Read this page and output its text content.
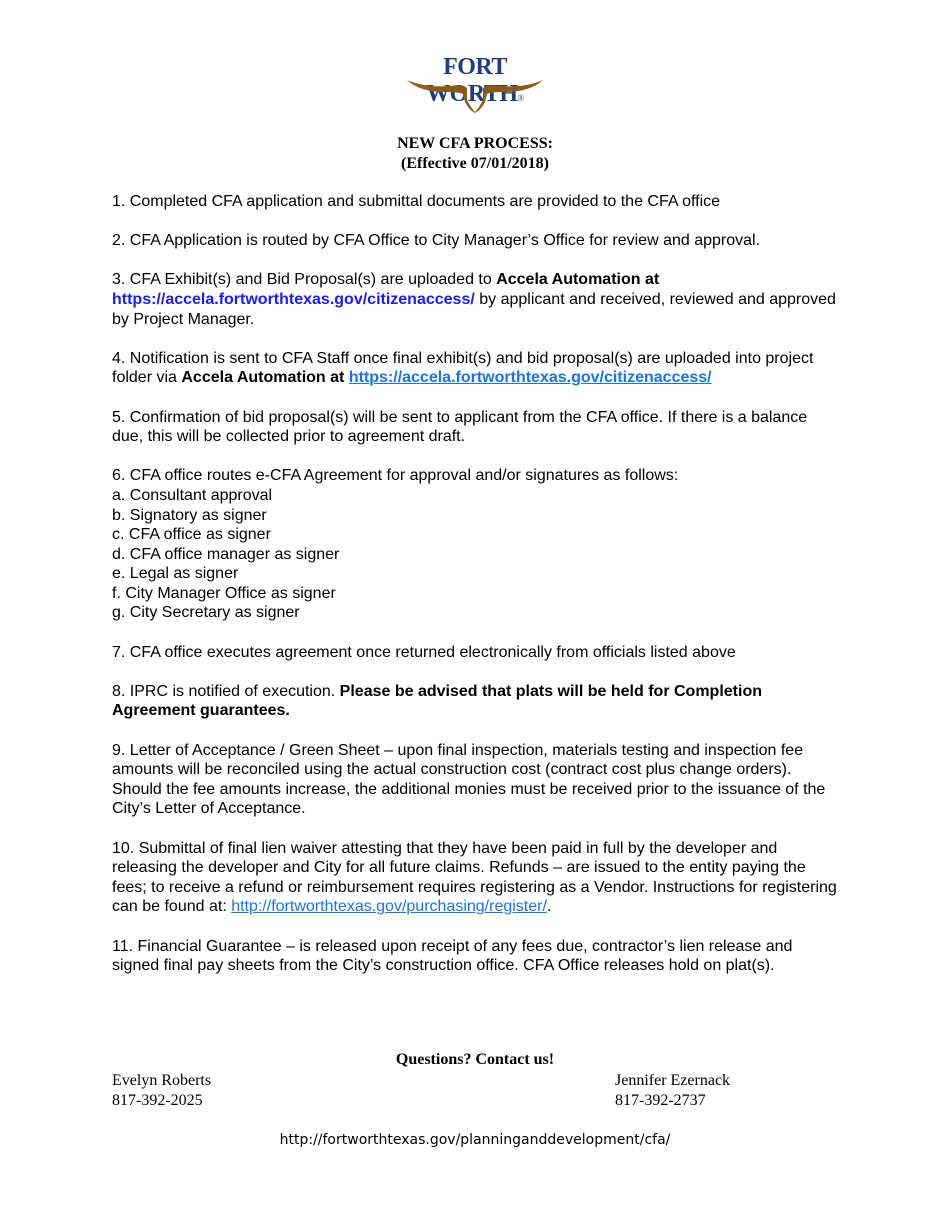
FORT WORTH®
NEW CFA PROCESS:
(Effective 07/01/2018)

1. Completed CFA application and submittal documents are provided to the CFA office

2. CFA Application is routed by CFA Office to City Manager’s Office for review and approval.

3. CFA Exhibit(s) and Bid Proposal(s) are uploaded to Accela Automation at
https://accela.fortworthtexas.gov/citizenaccess/ by applicant and received, reviewed and approved by Project Manager.

4. Notification is sent to CFA Staff once final exhibit(s) and bid proposal(s) are uploaded into project folder via Accela Automation at https://accela.fortworthtexas.gov/citizenaccess/

5. Confirmation of bid proposal(s) will be sent to applicant from the CFA office. If there is a balance due, this will be collected prior to agreement draft.

6. CFA office routes e-CFA Agreement for approval and/or signatures as follows:
a. Consultant approval
b. Signatory as signer
c. CFA office as signer
d. CFA office manager as signer
e. Legal as signer
f. City Manager Office as signer
g. City Secretary as signer

7. CFA office executes agreement once returned electronically from officials listed above

8. IPRC is notified of execution. Please be advised that plats will be held for Completion Agreement guarantees.

9. Letter of Acceptance / Green Sheet – upon final inspection, materials testing and inspection fee amounts will be reconciled using the actual construction cost (contract cost plus change orders).
Should the fee amounts increase, the additional monies must be received prior to the issuance of the City’s Letter of Acceptance.

10. Submittal of final lien waiver attesting that they have been paid in full by the developer and releasing the developer and City for all future claims. Refunds – are issued to the entity paying the fees; to receive a refund or reimbursement requires registering as a Vendor. Instructions for registering can be found at: http://fortworthtexas.gov/purchasing/register/.

11. Financial Guarantee – is released upon receipt of any fees due, contractor’s lien release and signed final pay sheets from the City’s construction office. CFA Office releases hold on plat(s).

Questions? Contact us!
Evelyn Roberts
817-392-2025
Jennifer Ezernack
817-392-2737
http://fortworthtexas.gov/planninganddevelopment/cfa/
